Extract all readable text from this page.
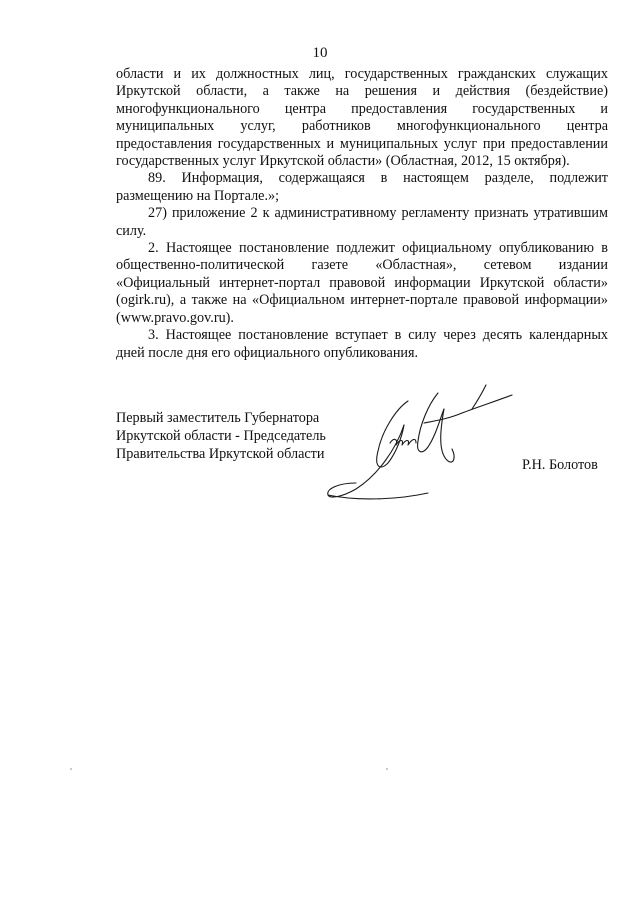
10

области и их должностных лиц, государственных гражданских служащих Иркутской области, а также на решения и действия (бездействие) многофункционального центра предоставления государственных и муниципальных услуг, работников многофункционального центра предоставления государственных и муниципальных услуг при предоставлении государственных услуг Иркутской области» (Областная, 2012, 15 октября).

89. Информация, содержащаяся в настоящем разделе, подлежит размещению на Портале.»;

27) приложение 2 к административному регламенту признать утратившим силу.

2. Настоящее постановление подлежит официальному опубликованию в общественно-политической газете «Областная», сетевом издании «Официальный интернет-портал правовой информации Иркутской области» (ogirk.ru), а также на «Официальном интернет-портале правовой информации» (www.pravo.gov.ru).

3. Настоящее постановление вступает в силу через десять календарных дней после дня его официального опубликования.

Первый заместитель Губернатора
Иркутской области - Председатель
Правительства Иркутской области
Р.Н. Болотов
